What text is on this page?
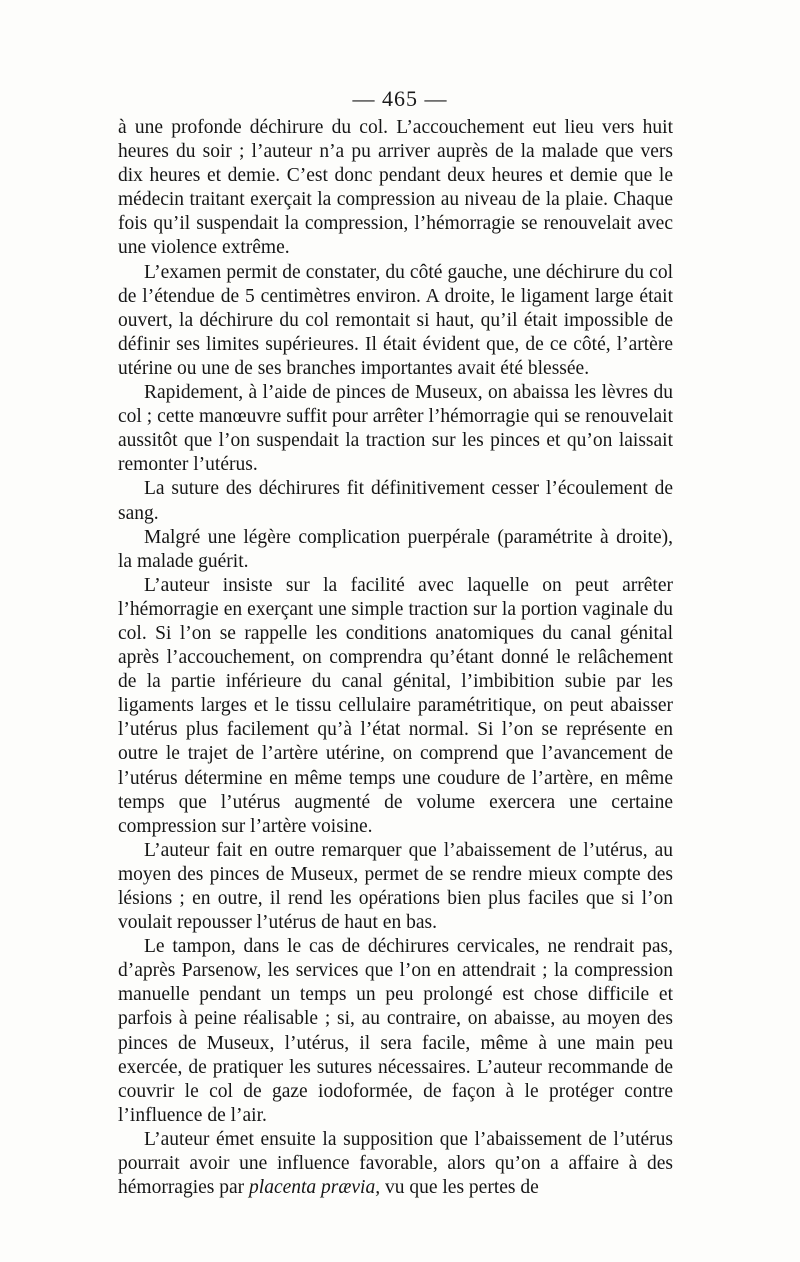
— 465 —

à une profonde déchirure du col. L’accouchement eut lieu vers huit heures du soir ; l’auteur n’a pu arriver auprès de la malade que vers dix heures et demie. C’est donc pendant deux heures et demie que le médecin traitant exerçait la compression au niveau de la plaie. Chaque fois qu’il suspendait la compression, l’hémorragie se renouvelait avec une violence extrême.

L’examen permit de constater, du côté gauche, une déchirure du col de l’étendue de 5 centimètres environ. A droite, le ligament large était ouvert, la déchirure du col remontait si haut, qu’il était impossible de définir ses limites supérieures. Il était évident que, de ce côté, l’artère utérine ou une de ses branches importantes avait été blessée.

Rapidement, à l’aide de pinces de Museux, on abaissa les lèvres du col ; cette manœuvre suffit pour arrêter l’hémorragie qui se renouvelait aussitôt que l’on suspendait la traction sur les pinces et qu’on laissait remonter l’utérus.

La suture des déchirures fit définitivement cesser l’écoulement de sang.

Malgré une légère complication puerpérale (paramétrite à droite), la malade guérit.

L’auteur insiste sur la facilité avec laquelle on peut arrêter l’hémorragie en exerçant une simple traction sur la portion vaginale du col. Si l’on se rappelle les conditions anatomiques du canal génital après l’accouchement, on comprendra qu’étant donné le relâchement de la partie inférieure du canal génital, l’imbibition subie par les ligaments larges et le tissu cellulaire paramétritique, on peut abaisser l’utérus plus facilement qu’à l’état normal. Si l’on se représente en outre le trajet de l’artère utérine, on comprend que l’avancement de l’utérus détermine en même temps une coudure de l’artère, en même temps que l’utérus augmenté de volume exercera une certaine compression sur l’artère voisine.

L’auteur fait en outre remarquer que l’abaissement de l’utérus, au moyen des pinces de Museux, permet de se rendre mieux compte des lésions ; en outre, il rend les opérations bien plus faciles que si l’on voulait repousser l’utérus de haut en bas.

Le tampon, dans le cas de déchirures cervicales, ne rendrait pas, d’après Parsenow, les services que l’on en attendrait ; la compression manuelle pendant un temps un peu prolongé est chose difficile et parfois à peine réalisable ; si, au contraire, on abaisse, au moyen des pinces de Museux, l’utérus, il sera facile, même à une main peu exercée, de pratiquer les sutures nécessaires. L’auteur recommande de couvrir le col de gaze iodoformée, de façon à le protéger contre l’influence de l’air.

L’auteur émet ensuite la supposition que l’abaissement de l’utérus pourrait avoir une influence favorable, alors qu’on a affaire à des hémorragies par placenta prævia, vu que les pertes de
